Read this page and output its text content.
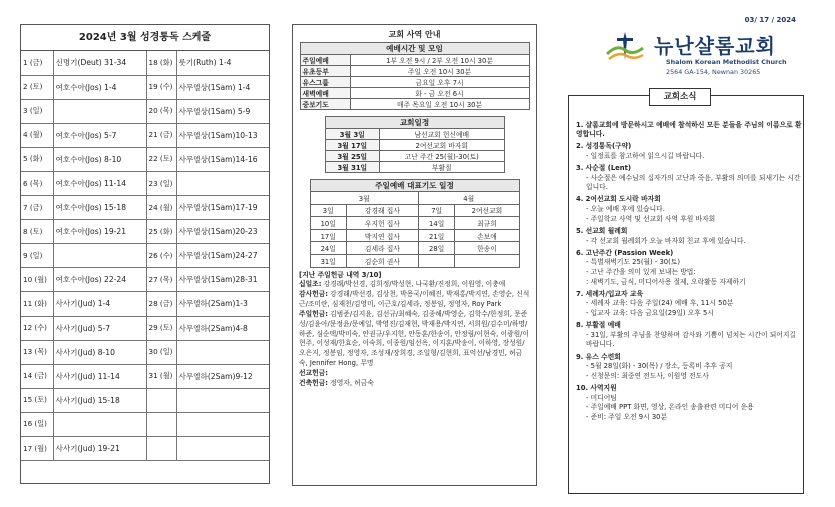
2024년 3월 성경통독 스케줄
1 (금)	신명기(Deut) 31-34	18 (화)	룻기(Ruth) 1-4
2 (토)	여호수아(Jos) 1-4	19 (수)	사무엘상(1Sam) 1-4
3 (일)		20 (목)	사무엘상(1Sam) 5-9
4 (월)	여호수아(Jos) 5-7	21 (금)	사무엘상(1Sam)10-13
5 (화)	여호수아(Jos) 8-10	22 (토)	사무엘상(1Sam)14-16
6 (목)	여호수아(Jos) 11-14	23 (일)	
7 (금)	여호수아(Jos) 15-18	24 (월)	사무엘상(1Sam)17-19
8 (토)	여호수아(Jos) 19-21	25 (화)	사무엘상(1Sam)20-23
9 (일)		26 (수)	사무엘상(1Sam)24-27
10 (월)	여호수아(Jos) 22-24	27 (목)	사무엘상(1Sam)28-31
11 (화)	사사기(Jud) 1-4	28 (금)	사무엘하(2Sam)1-3
12 (수)	사사기(Jud) 5-7	29 (토)	사무엘하(2Sam)4-8
13 (목)	사사기(Jud) 8-10	30 (일)	
14 (금)	사사기(Jud) 11-14	31 (월)	사무엘하(2Sam)9-12
15 (토)	사사기(Jud) 15-18		
16 (일)			
17 (월)	사사기(Jud) 19-21		
교회 사역 안내
예배시간 및 모임	
주일예배	1부 오전 9시 / 2부 오전 10시 30분
유초등부	주일 오전 10시 30분
유스그룹	금요일 오후 7시
새벽예배	화 - 금 오전 6시
중보기도	매주 목요일 오전 10시 30분
교회일정	
3월 3일	남선교회 헌신예배
3월 17일	2여선교회 바자회
3월 25일	고난 주간 25(월)-30(토)
3월 31일	부활절
주일예배 대표기도 일정			
3월		4월	
3일	강경래 집사	7일	2여선교회
10일	우지헌 집사	14일	최규희
17일	박지연 집사	21일	손보애
24일	김세라 집사	28일	한송이
31일	김순희 권사		
[지난 주일헌금 내역 3/10]
십일조: 강경래/박선경, 김희정/박성현, 나국환/진정희, 이원영, 이충애
감사헌금: 강경래/박선경, 김상천, 박용국/이혜진, 박재홍/박지연, 손영순, 신석근/조미란, 심재천/김영미, 이근호/김세라, 정봉임, 정영자, Roy Park
주일헌금: 김범준/김지윤, 김선규/최혜숙, 김종해/박영순, 김학수/한정희, 문준성/김윤아/문정윤/문예일, 박영진/김재현, 박재용/박지연, 서희원/김수미/하명/하준, 심순택/박미숙, 안권규/우지헌, 안동훈/한송이, 안정림/이현숙, 이광원/이현주, 이성재/한효순, 이숙희, 이종원/임선옥, 이지훈/박송이, 이하영, 장성원/오은지, 정봉임, 정영자, 조성재/장희경, 조일형/김현희, 표억선/남경민, 허금숙, Jennifer Hong, 무명
선교헌금:
건축헌금: 정영자, 허금숙
03/ 17 / 2024
뉴난샬롬교회
Shalom Korean Methodist Church
2564 GA-154, Newnan 30265
교회소식
1. 샬롬교회에 방문하시고 예배에 참석하신 모든 분들을 주님의 이름으로 환영합니다.
2. 성경통독(구약)
- 일정표를 참고하여 읽으시길 바랍니다.
3. 사순절 (Lent)
- 사순절은 예수님의 십자가의 고난과 죽음, 부활의 의미를 되새기는 시간입니다.
4. 2여선교회 도시락 바자회
- 오늘 예배 후에 있습니다.
- 주일학교 사역 및 선교회 사역 후원 바자회
5. 선교회 월례회
- 각 선교회 월례회가 오늘 바자회 친교 후에 있습니다.
6. 고난주간 (Passion Week)
- 특별새벽기도 25(월) - 30(토)
- 고난 주간을 의미 있게 보내는 방법:
: 새벽기도, 금식, 미디어사용 절제, 오락활동 자제하기
7. 세례자/입교자 교육
- 세례자 교육: 다음 주일(24) 예배 후, 11시 50분
- 입교자 교육: 다음 금요일(29일) 오후 5시
8. 부활절 예배
- 31일, 부활의 주님을 찬양하며 감사와 기쁨이 넘치는 시간이 되어지길 바랍니다.
9. 유스 수련회
- 5월 28일(화) - 30(목) / 장소, 등록비 추후 공지
- 신청문의: 최중연 전도사, 이원영 전도사
10. 사역지원
- 미디어팀
- 주일예배 PPT 화면, 영상, 온라인 송출관련 미디어 운용
- 준비: 주일 오전 9시 30분
